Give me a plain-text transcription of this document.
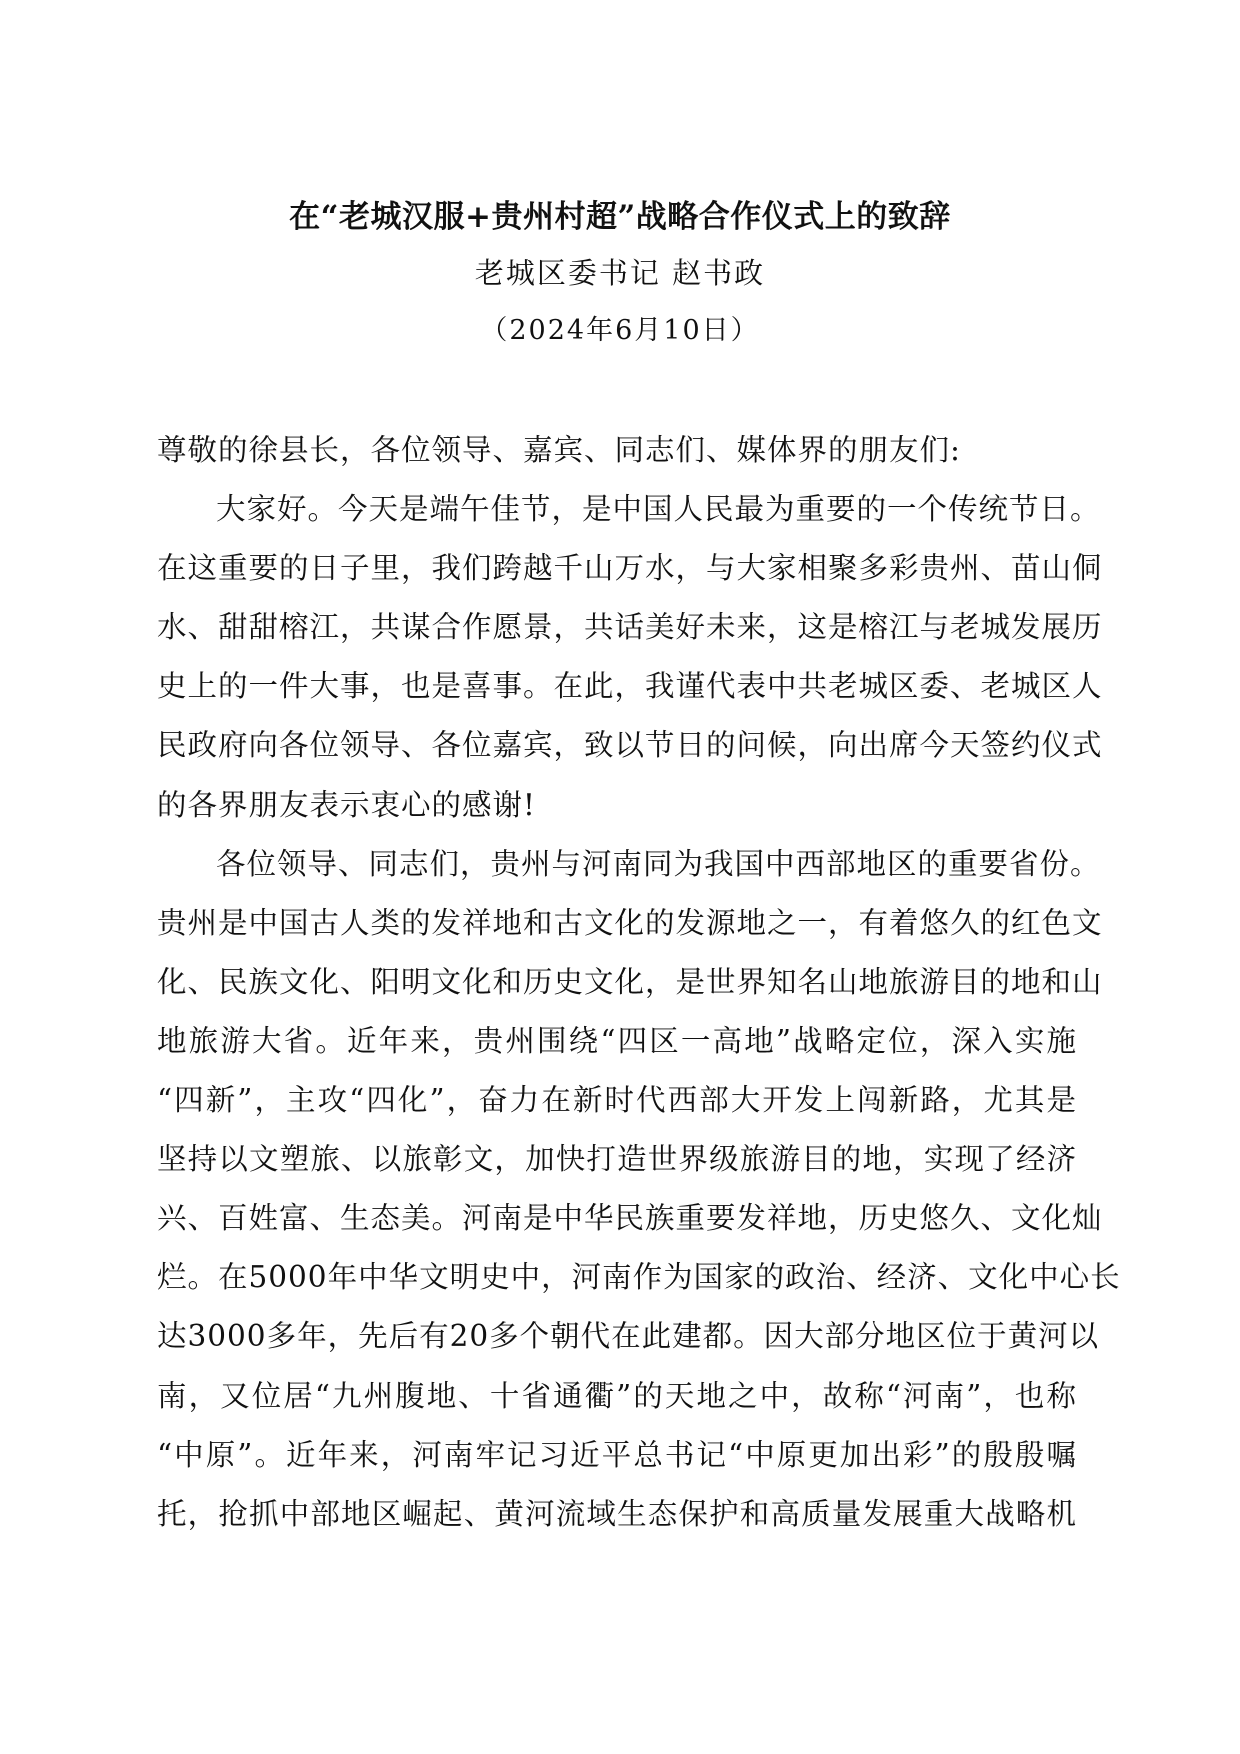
在“老城汉服+贵州村超”战略合作仪式上的致辞
老城区委书记 赵书政
（2024年6月10日）
尊敬的徐县长，各位领导、嘉宾、同志们、媒体界的朋友们:
大家好。今天是端午佳节，是中国人民最为重要的一个传统节日。
在这重要的日子里，我们跨越千山万水，与大家相聚多彩贵州、苗山侗
水、甜甜榕江，共谋合作愿景，共话美好未来，这是榕江与老城发展历
史上的一件大事，也是喜事。在此，我谨代表中共老城区委、老城区人
民政府向各位领导、各位嘉宾，致以节日的问候，向出席今天签约仪式
的各界朋友表示衷心的感谢!
各位领导、同志们，贵州与河南同为我国中西部地区的重要省份。
贵州是中国古人类的发祥地和古文化的发源地之一，有着悠久的红色文
化、民族文化、阳明文化和历史文化，是世界知名山地旅游目的地和山
地旅游大省。近年来，贵州围绕“四区一高地”战略定位，深入实施
“四新”，主攻“四化”，奋力在新时代西部大开发上闯新路，尤其是
坚持以文塑旅、以旅彰文，加快打造世界级旅游目的地，实现了经济
兴、百姓富、生态美。河南是中华民族重要发祥地，历史悠久、文化灿
烂。在5000年中华文明史中，河南作为国家的政治、经济、文化中心长
达3000多年，先后有20多个朝代在此建都。因大部分地区位于黄河以
南，又位居“九州腹地、十省通衢”的天地之中，故称“河南”，也称
“中原”。近年来，河南牢记习近平总书记“中原更加出彩”的殷殷嘱
托，抢抓中部地区崛起、黄河流域生态保护和高质量发展重大战略机
